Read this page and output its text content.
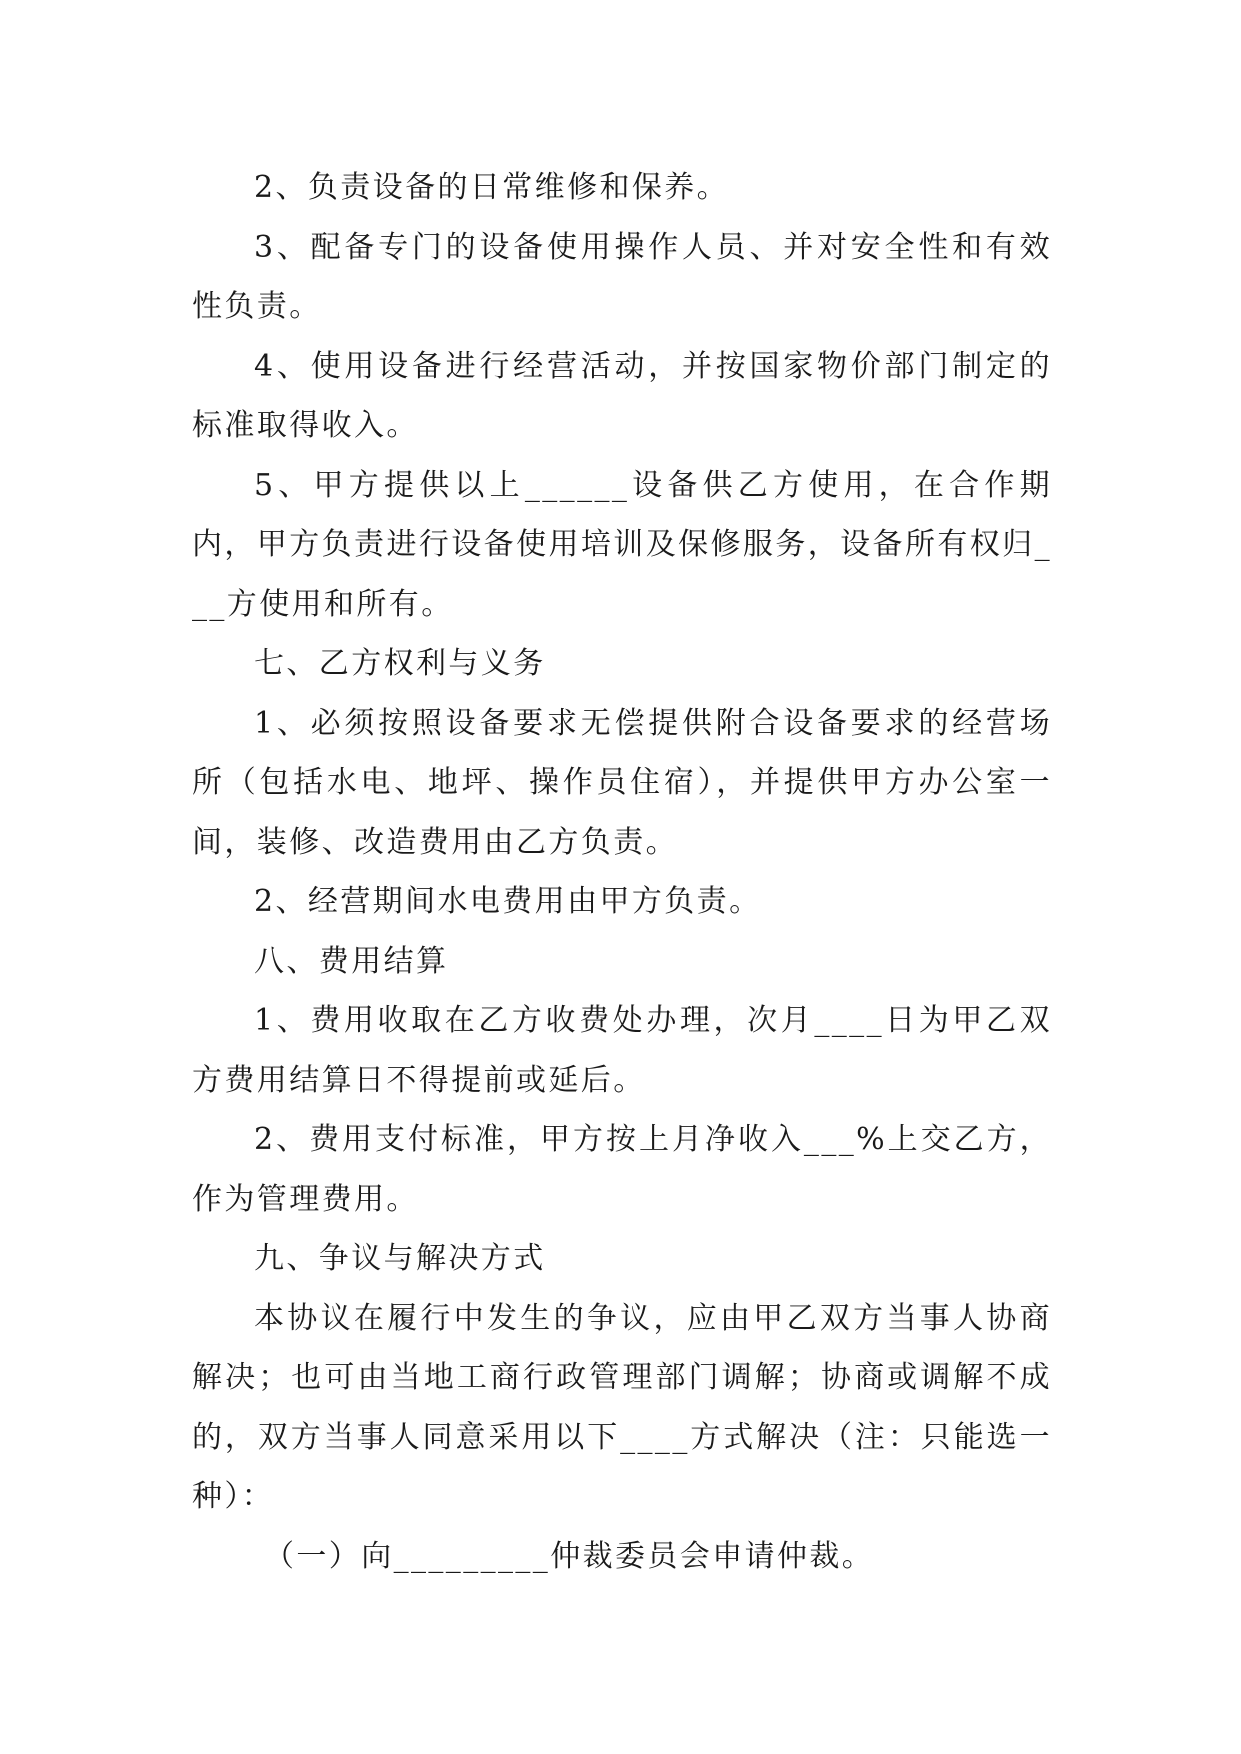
2、负责设备的日常维修和保养。

3、配备专门的设备使用操作人员、并对安全性和有效性负责。

4、使用设备进行经营活动，并按国家物价部门制定的标准取得收入。

5、甲方提供以上______设备供乙方使用，在合作期内，甲方负责进行设备使用培训及保修服务，设备所有权归___方使用和所有。

七、乙方权利与义务

1、必须按照设备要求无偿提供附合设备要求的经营场所（包括水电、地坪、操作员住宿），并提供甲方办公室一间，装修、改造费用由乙方负责。

2、经营期间水电费用由甲方负责。

八、费用结算

1、费用收取在乙方收费处办理，次月____日为甲乙双方费用结算日不得提前或延后。

2、费用支付标准，甲方按上月净收入___%上交乙方，作为管理费用。

九、争议与解决方式

本协议在履行中发生的争议，应由甲乙双方当事人协商解决；也可由当地工商行政管理部门调解；协商或调解不成的，双方当事人同意采用以下____方式解决（注：只能选一种）：

（一）向_________仲裁委员会申请仲裁。
